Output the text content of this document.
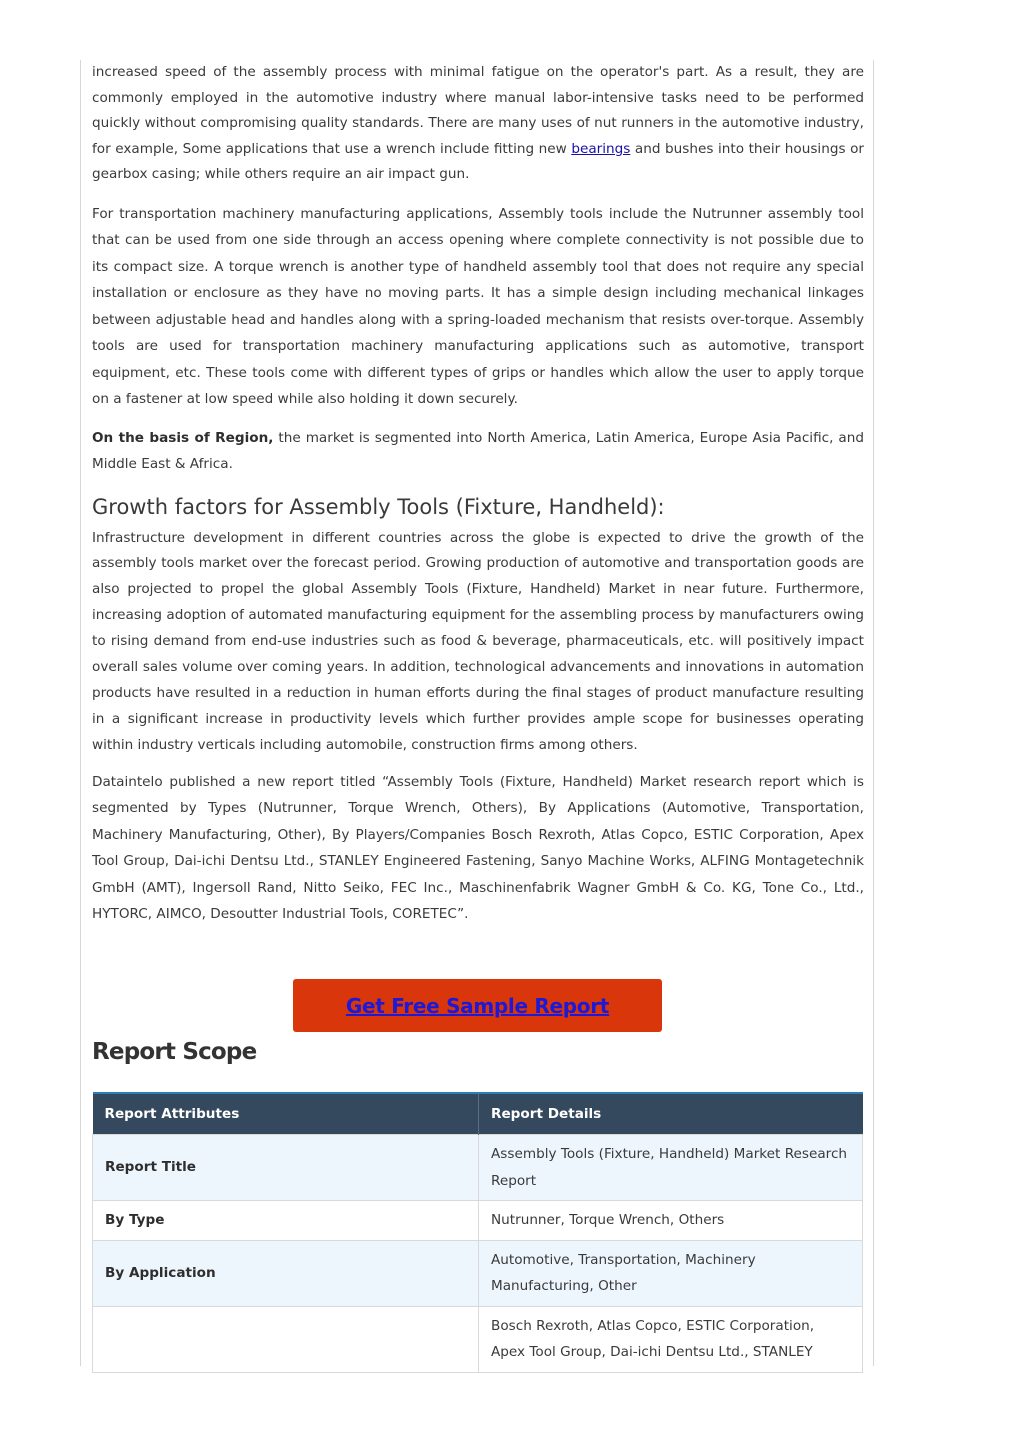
increased speed of the assembly process with minimal fatigue on the operator's part. As a result, they are commonly employed in the automotive industry where manual labor-intensive tasks need to be performed quickly without compromising quality standards. There are many uses of nut runners in the automotive industry, for example, Some applications that use a wrench include fitting new bearings and bushes into their housings or gearbox casing; while others require an air impact gun.

For transportation machinery manufacturing applications, Assembly tools include the Nutrunner assembly tool that can be used from one side through an access opening where complete connectivity is not possible due to its compact size. A torque wrench is another type of handheld assembly tool that does not require any special installation or enclosure as they have no moving parts. It has a simple design including mechanical linkages between adjustable head and handles along with a spring-loaded mechanism that resists over-torque. Assembly tools are used for transportation machinery manufacturing applications such as automotive, transport equipment, etc. These tools come with different types of grips or handles which allow the user to apply torque on a fastener at low speed while also holding it down securely.

On the basis of Region, the market is segmented into North America, Latin America, Europe Asia Pacific, and Middle East & Africa.

Growth factors for Assembly Tools (Fixture, Handheld):

Infrastructure development in different countries across the globe is expected to drive the growth of the assembly tools market over the forecast period. Growing production of automotive and transportation goods are also projected to propel the global Assembly Tools (Fixture, Handheld) Market in near future. Furthermore, increasing adoption of automated manufacturing equipment for the assembling process by manufacturers owing to rising demand from end-use industries such as food & beverage, pharmaceuticals, etc. will positively impact overall sales volume over coming years. In addition, technological advancements and innovations in automation products have resulted in a reduction in human efforts during the final stages of product manufacture resulting in a significant increase in productivity levels which further provides ample scope for businesses operating within industry verticals including automobile, construction firms among others.

Dataintelo published a new report titled “Assembly Tools (Fixture, Handheld) Market research report which is segmented by Types (Nutrunner, Torque Wrench, Others), By Applications (Automotive, Transportation, Machinery Manufacturing, Other), By Players/Companies Bosch Rexroth, Atlas Copco, ESTIC Corporation, Apex Tool Group, Dai-ichi Dentsu Ltd., STANLEY Engineered Fastening, Sanyo Machine Works, ALFING Montagetechnik GmbH (AMT), Ingersoll Rand, Nitto Seiko, FEC Inc., Maschinenfabrik Wagner GmbH & Co. KG, Tone Co., Ltd., HYTORC, AIMCO, Desoutter Industrial Tools, CORETEC”.

Get Free Sample Report
Report Scope
Report Attributes	Report Details
Report Title	Assembly Tools (Fixture, Handheld) Market Research Report
By Type	Nutrunner, Torque Wrench, Others
By Application	Automotive, Transportation, Machinery Manufacturing, Other
	Bosch Rexroth, Atlas Copco, ESTIC Corporation, Apex Tool Group, Dai-ichi Dentsu Ltd., STANLEY
